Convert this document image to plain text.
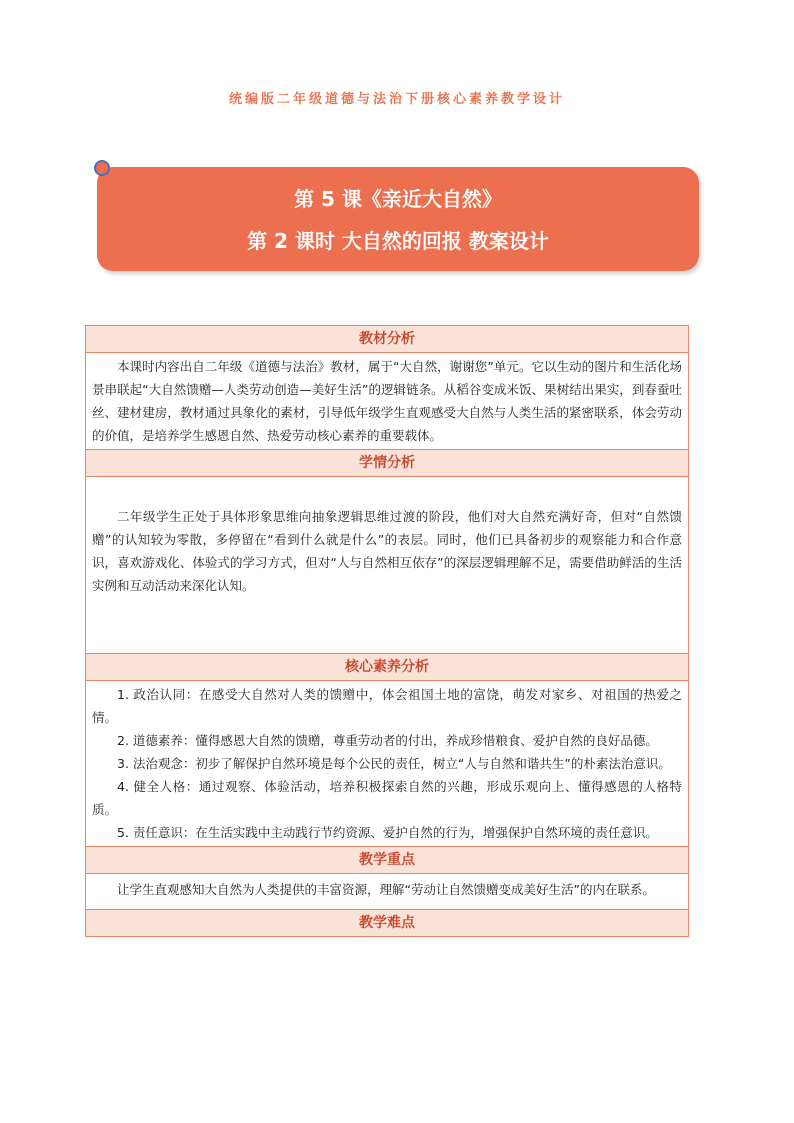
统编版二年级道德与法治下册核心素养教学设计
第 5 课《亲近大自然》
第 2 课时 大自然的回报 教案设计
教材分析

本课时内容出自二年级《道德与法治》教材，属于“大自然，谢谢您”单元。它以生动的图片和生活化场景串联起“大自然馈赠—人类劳动创造—美好生活”的逻辑链条。从稻谷变成米饭、果树结出果实，到春蚕吐丝、建材建房，教材通过具象化的素材，引导低年级学生直观感受大自然与人类生活的紧密联系，体会劳动的价值，是培养学生感恩自然、热爱劳动核心素养的重要载体。

学情分析

二年级学生正处于具体形象思维向抽象逻辑思维过渡的阶段，他们对大自然充满好奇，但对“自然馈赠”的认知较为零散，多停留在“看到什么就是什么”的表层。同时，他们已具备初步的观察能力和合作意识，喜欢游戏化、体验式的学习方式，但对“人与自然相互依存”的深层逻辑理解不足，需要借助鲜活的生活实例和互动活动来深化认知。

核心素养分析

1. 政治认同：在感受大自然对人类的馈赠中，体会祖国土地的富饶，萌发对家乡、对祖国的热爱之情。

2. 道德素养：懂得感恩大自然的馈赠，尊重劳动者的付出，养成珍惜粮食、爱护自然的良好品德。

3. 法治观念：初步了解保护自然环境是每个公民的责任，树立“人与自然和谐共生”的朴素法治意识。

4. 健全人格：通过观察、体验活动，培养积极探索自然的兴趣，形成乐观向上、懂得感恩的人格特质。

5. 责任意识：在生活实践中主动践行节约资源、爱护自然的行为，增强保护自然环境的责任意识。

教学重点

让学生直观感知大自然为人类提供的丰富资源，理解“劳动让自然馈赠变成美好生活”的内在联系。

教学难点
